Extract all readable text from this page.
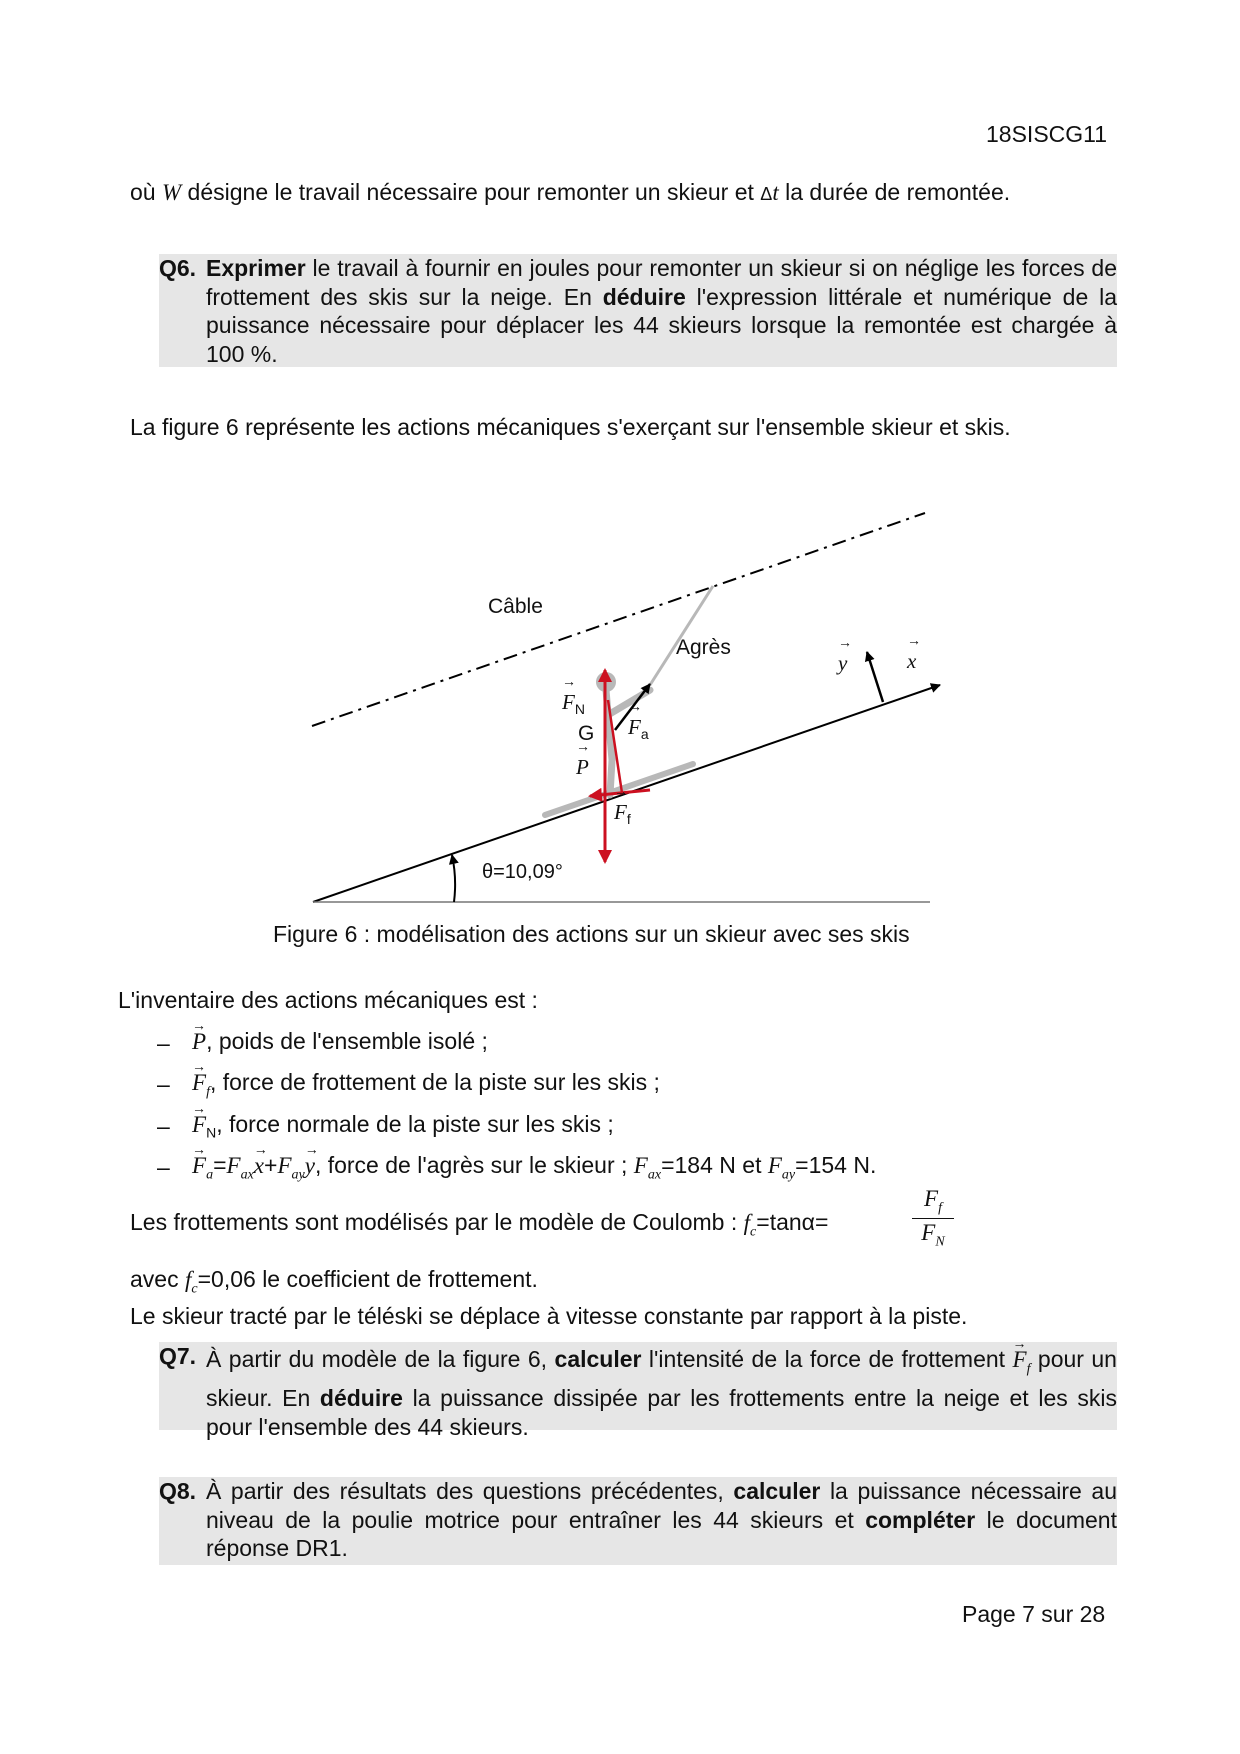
18SISCG11
où W désigne le travail nécessaire pour remonter un skieur et Δt la durée de remontée.
Q6. Exprimer le travail à fournir en joules pour remonter un skieur si on néglige les forces de frottement des skis sur la neige. En déduire l'expression littérale et numérique de la puissance nécessaire pour déplacer les 44 skieurs lorsque la remontée est chargée à 100 %.
La figure 6 représente les actions mécaniques s'exerçant sur l'ensemble skieur et skis.
Câble
Agrès
→ y
→	x
→ $F_N$
G
→ $F_a$
→ P
→ $F_f$
θ=10,09°
Figure 6 : modélisation des actions sur un skieur avec ses skis
L'inventaire des actions mécaniques est :
–
→ P, poids de l'ensemble isolé ;
–
→ $F_f$, force de frottement de la piste sur les skis ;
–
→ $F_N$, force normale de la piste sur les skis ;
–
→ $F_a=F_{ax}\to x+F_{ay}\to y$, force de l'agrès sur le skieur ; $F_{ax}=184$ N et $F_{ay}=154$ N.
Les frottements sont modélisés par le modèle de Coulomb : $f_c=\tan\alpha=$
$F_f$
$F_N$
avec $f_c=0,06$ le coefficient de frottement.
Le skieur tracté par le téléski se déplace à vitesse constante par rapport à la piste.
Q7. À partir du modèle de la figure 6, calculer l'intensité de la force de frottement → $F_f$ pour un skieur. En déduire la puissance dissipée par les frottements entre la neige et les skis pour l'ensemble des 44 skieurs.
Q8. À partir des résultats des questions précédentes, calculer la puissance nécessaire au niveau de la poulie motrice pour entraîner les 44 skieurs et compléter le document réponse DR1.
Page 7 sur 28
